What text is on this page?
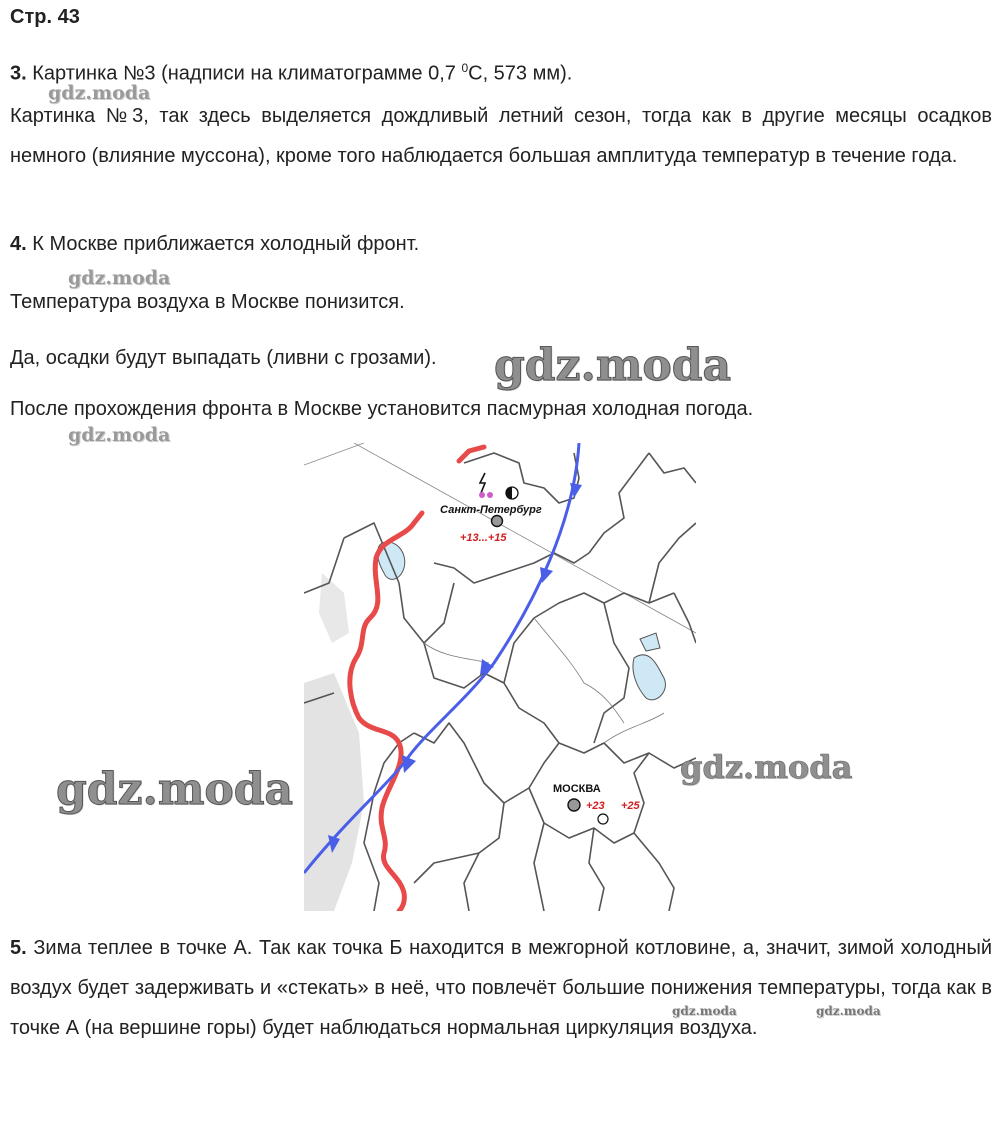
Стр. 43
3. Картинка №3 (надписи на климатограмме 0,7 $^0$С, 573 мм).
Картинка №3, так здесь выделяется дождливый летний сезон, тогда как в другие месяцы осадков немного (влияние муссона), кроме того наблюдается большая амплитуда температур в течение года.
4. К Москве приближается холодный фронт.
Температура воздуха в Москве понизится.
Да, осадки будут выпадать (ливни с грозами).
После прохождения фронта в Москве установится пасмурная холодная погода.
gdz.moda
gdz.moda
gdz.moda
gdz.moda
Санкт-Петербург
+13...+15
МОСКВА
+23 +25
gdz.moda	gdz.moda
5. Зима теплее в точке А. Так как точка Б находится в межгорной котловине, а, значит, зимой холодный воздух будет задерживать и «стекать» в неё, что повлечёт большие понижения температуры, тогда как в точке А (на вершине горы) будет наблюдаться нормальная циркуляция воздуха.
gdz.moda	gdz.moda
